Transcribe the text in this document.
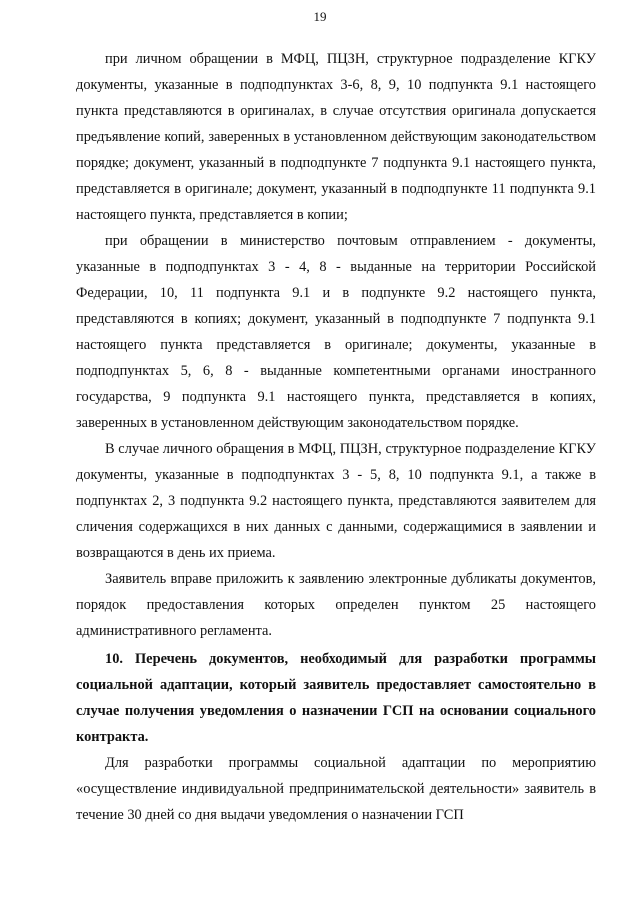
19

при личном обращении в МФЦ, ПЦЗН, структурное подразделение КГКУ документы, указанные в подподпунктах 3-6, 8, 9, 10 подпункта 9.1 настоящего пункта представляются в оригиналах, в случае отсутствия оригинала допускается предъявление копий, заверенных в установленном действующим законодательством порядке; документ, указанный в подподпункте 7 подпункта 9.1 настоящего пункта, представляется в оригинале; документ, указанный в подподпункте 11 подпункта 9.1 настоящего пункта, представляется в копии;

при обращении в министерство почтовым отправлением - документы, указанные в подподпунктах 3 - 4, 8 - выданные на территории Российской Федерации, 10, 11 подпункта 9.1 и в подпункте 9.2 настоящего пункта, представляются в копиях; документ, указанный в подподпункте 7 подпункта 9.1 настоящего пункта представляется в оригинале; документы, указанные в подподпунктах 5, 6, 8 - выданные компетентными органами иностранного государства, 9 подпункта 9.1 настоящего пункта, представляется в копиях, заверенных в установленном действующим законодательством порядке.

В случае личного обращения в МФЦ, ПЦЗН, структурное подразделение КГКУ документы, указанные в подподпунктах 3 - 5, 8, 10 подпункта 9.1, а также в подпунктах 2, 3 подпункта 9.2 настоящего пункта, представляются заявителем для сличения содержащихся в них данных с данными, содержащимися в заявлении и возвращаются в день их приема.

Заявитель вправе приложить к заявлению электронные дубликаты документов, порядок предоставления которых определен пунктом 25 настоящего административного регламента.

10. Перечень документов, необходимый для разработки программы социальной адаптации, который заявитель предоставляет самостоятельно в случае получения уведомления о назначении ГСП на основании социального контракта.

Для разработки программы социальной адаптации по мероприятию «осуществление индивидуальной предпринимательской деятельности» заявитель в течение 30 дней со дня выдачи уведомления о назначении ГСП
